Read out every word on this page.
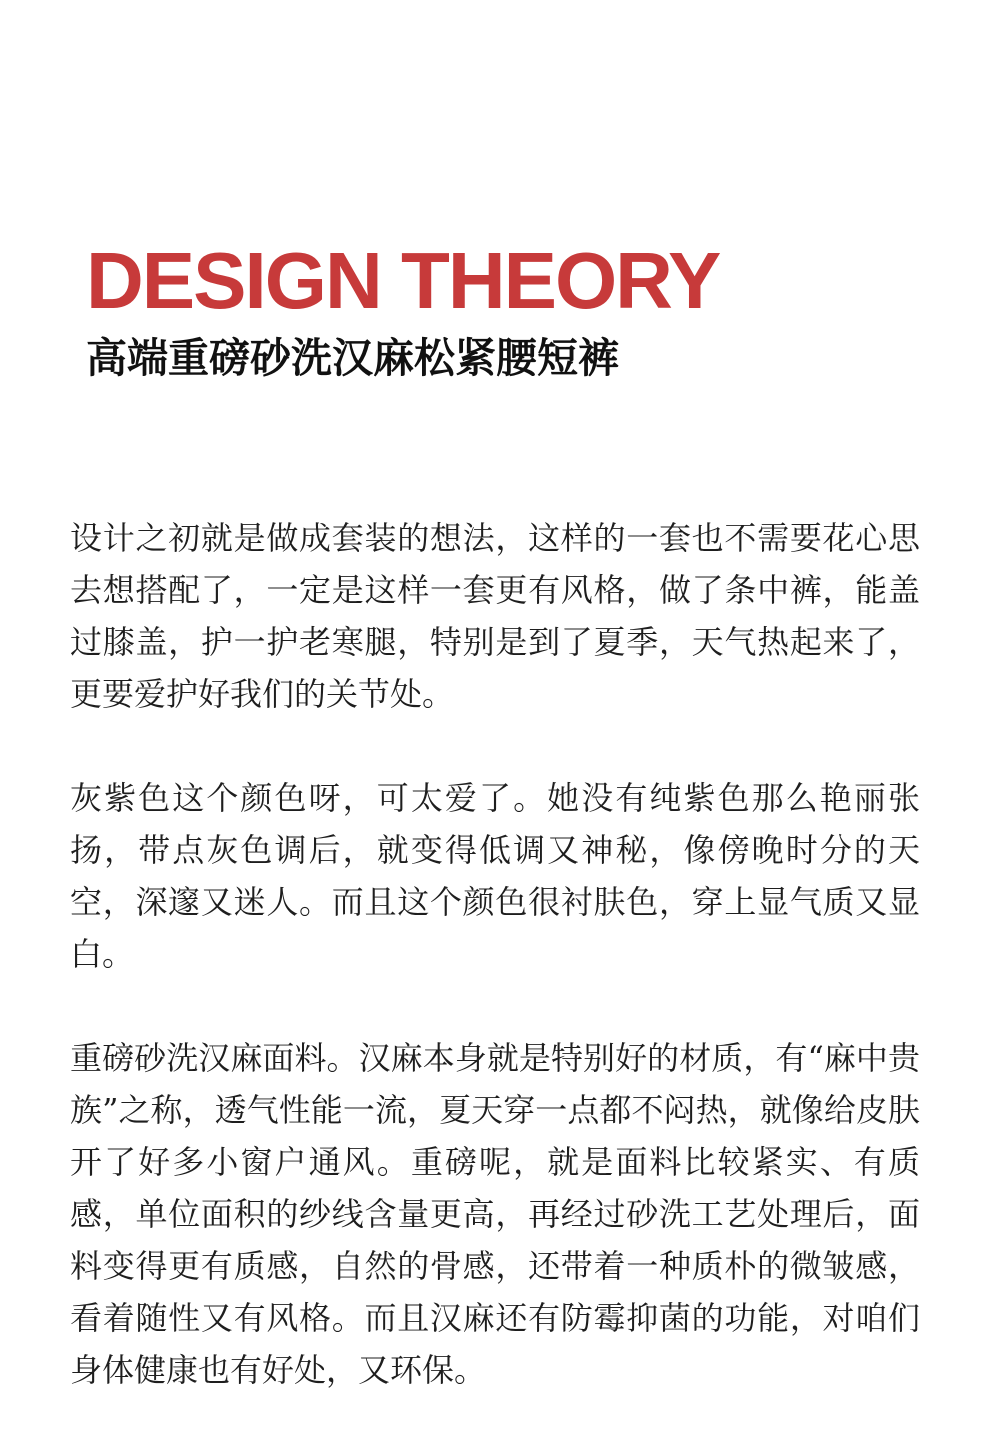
DESIGN THEORY
高端重磅砂洗汉麻松紧腰短裤

设计之初就是做成套装的想法，这样的一套也不需要花心思去想搭配了，一定是这样一套更有风格，做了条中裤，能盖过膝盖，护一护老寒腿，特别是到了夏季，天气热起来了，更要爱护好我们的关节处。

灰紫色这个颜色呀，可太爱了。她没有纯紫色那么艳丽张扬，带点灰色调后，就变得低调又神秘，像傍晚时分的天空，深邃又迷人。而且这个颜色很衬肤色，穿上显气质又显白。

重磅砂洗汉麻面料。汉麻本身就是特别好的材质，有“麻中贵族”之称，透气性能一流，夏天穿一点都不闷热，就像给皮肤开了好多小窗户通风。重磅呢，就是面料比较紧实、有质感，单位面积的纱线含量更高，再经过砂洗工艺处理后，面料变得更有质感，自然的骨感，还带着一种质朴的微皱感，看着随性又有风格。而且汉麻还有防霉抑菌的功能，对咱们身体健康也有好处，又环保。
